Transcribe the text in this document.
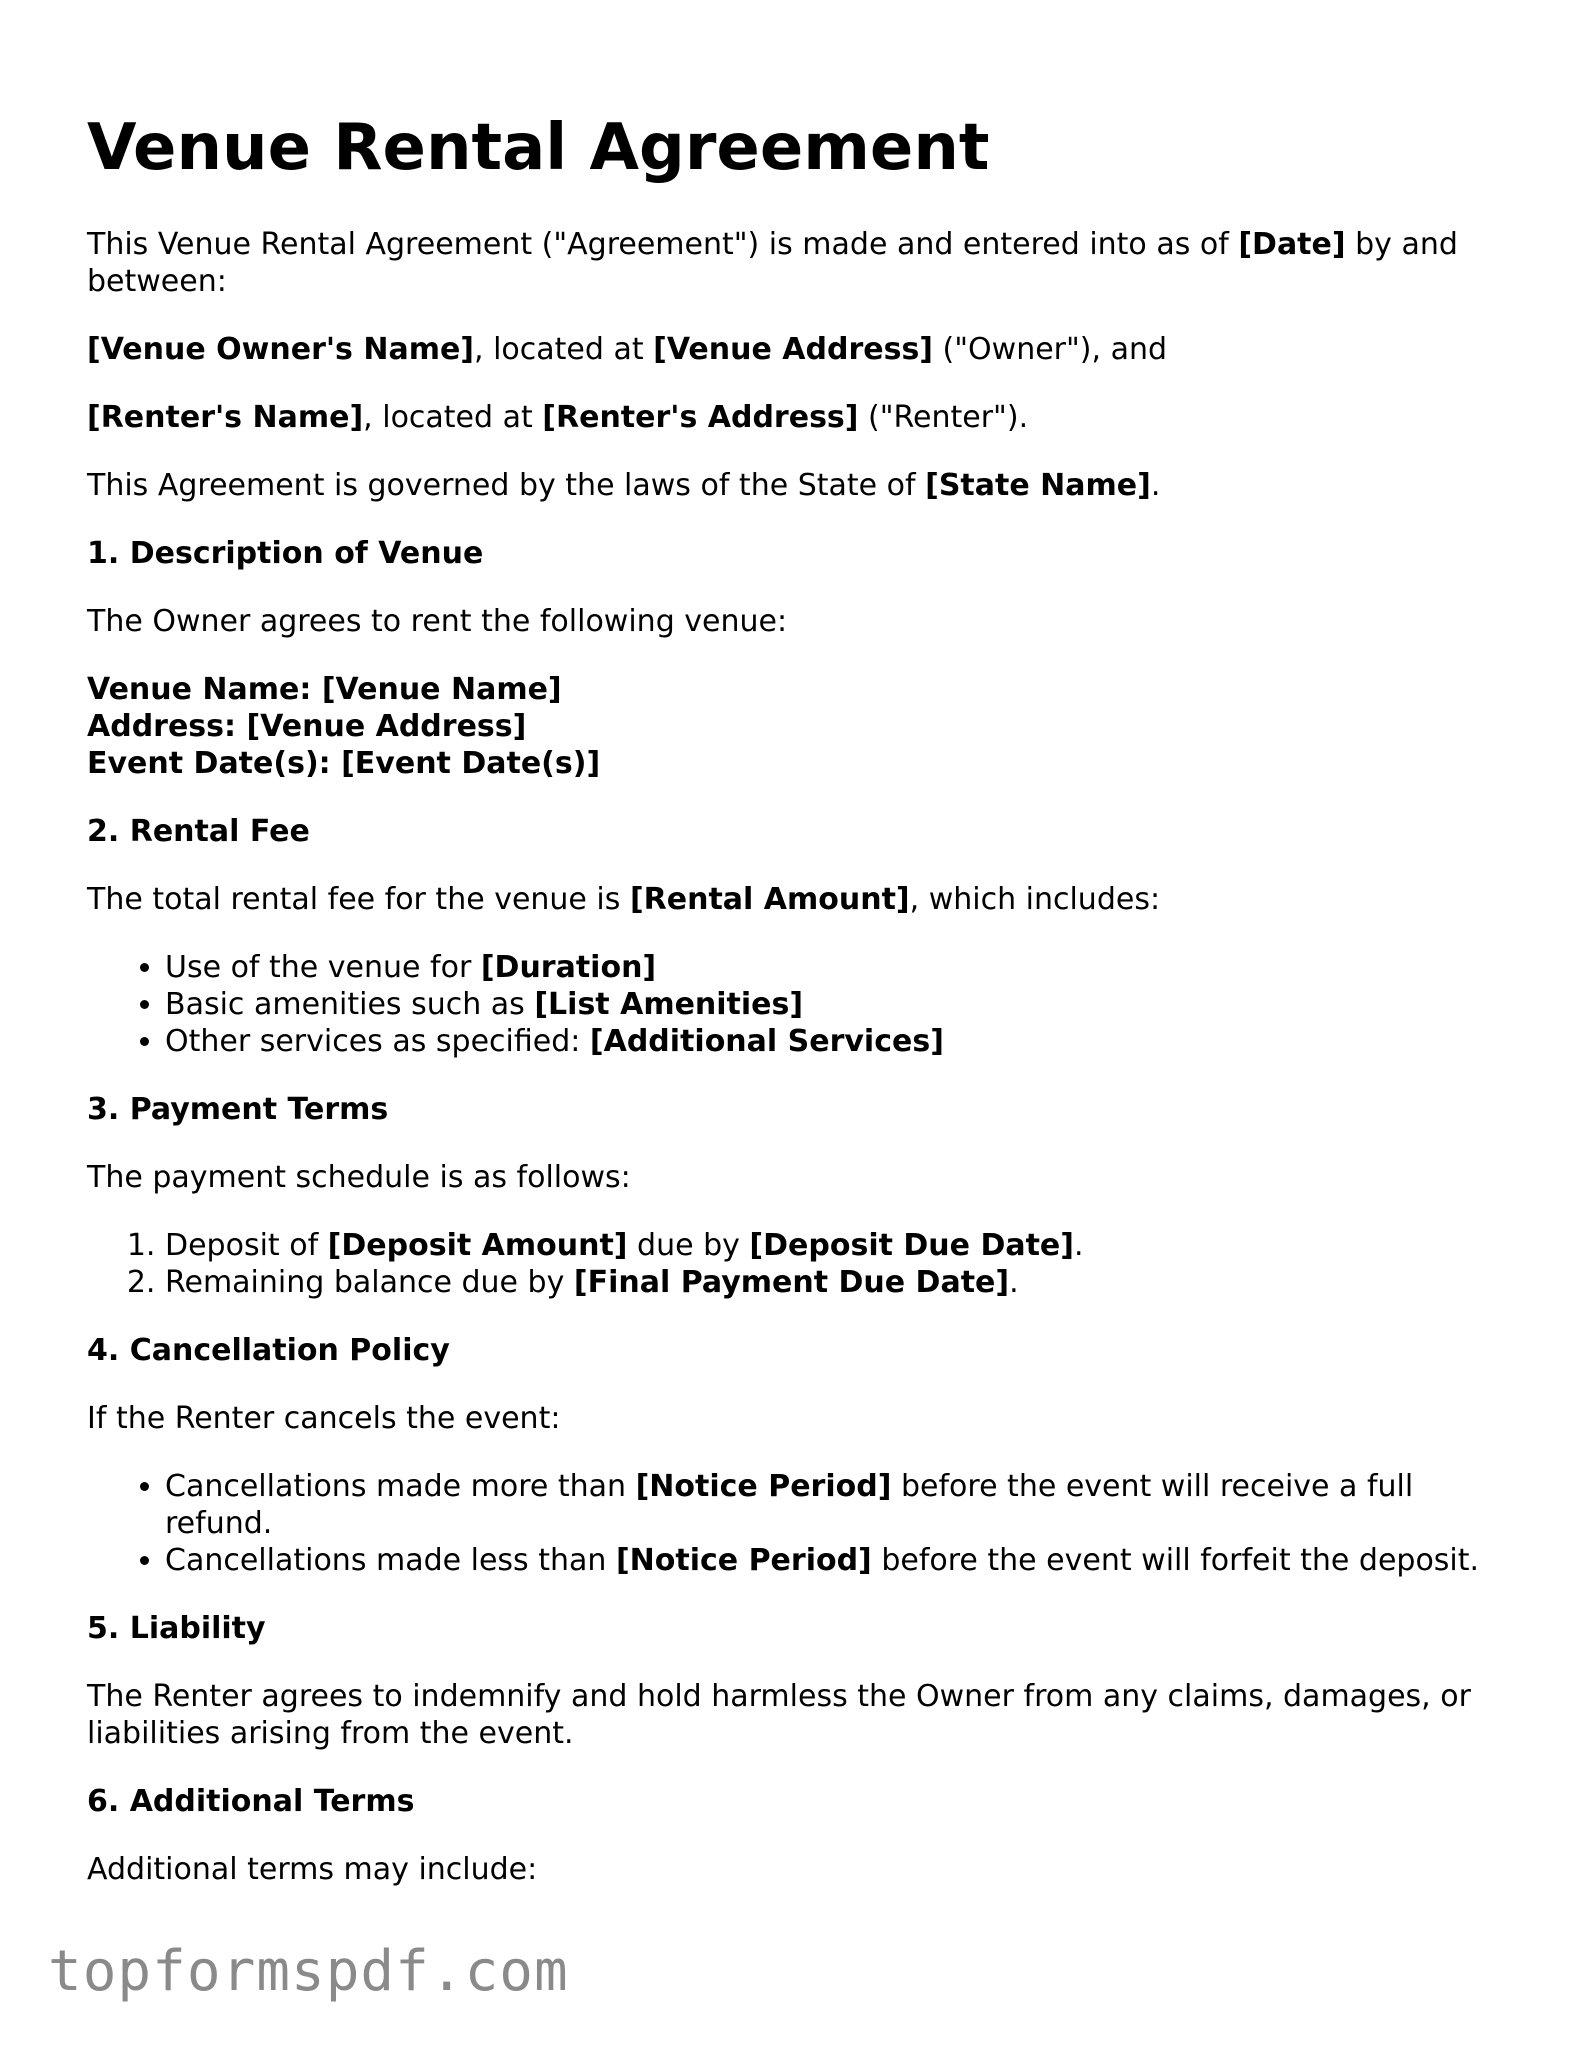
Venue Rental Agreement

This Venue Rental Agreement ("Agreement") is made and entered into as of [Date] by and between:

[Venue Owner's Name], located at [Venue Address] ("Owner"), and

[Renter's Name], located at [Renter's Address] ("Renter").

This Agreement is governed by the laws of the State of [State Name].

1. Description of Venue

The Owner agrees to rent the following venue:

Venue Name: [Venue Name]
Address: [Venue Address]
Event Date(s): [Event Date(s)]
2. Rental Fee

The total rental fee for the venue is [Rental Amount], which includes:

• Use of the venue for [Duration]
• Basic amenities such as [List Amenities]
• Other services as specified: [Additional Services]
3. Payment Terms

The payment schedule is as follows:

1. Deposit of [Deposit Amount] due by [Deposit Due Date].
2. Remaining balance due by [Final Payment Due Date].
4. Cancellation Policy

If the Renter cancels the event:

• Cancellations made more than [Notice Period] before the event will receive a full refund.
• Cancellations made less than [Notice Period] before the event will forfeit the deposit.
5. Liability

The Renter agrees to indemnify and hold harmless the Owner from any claims, damages, or liabilities arising from the event.

6. Additional Terms

Additional terms may include:

topformspdf.com
